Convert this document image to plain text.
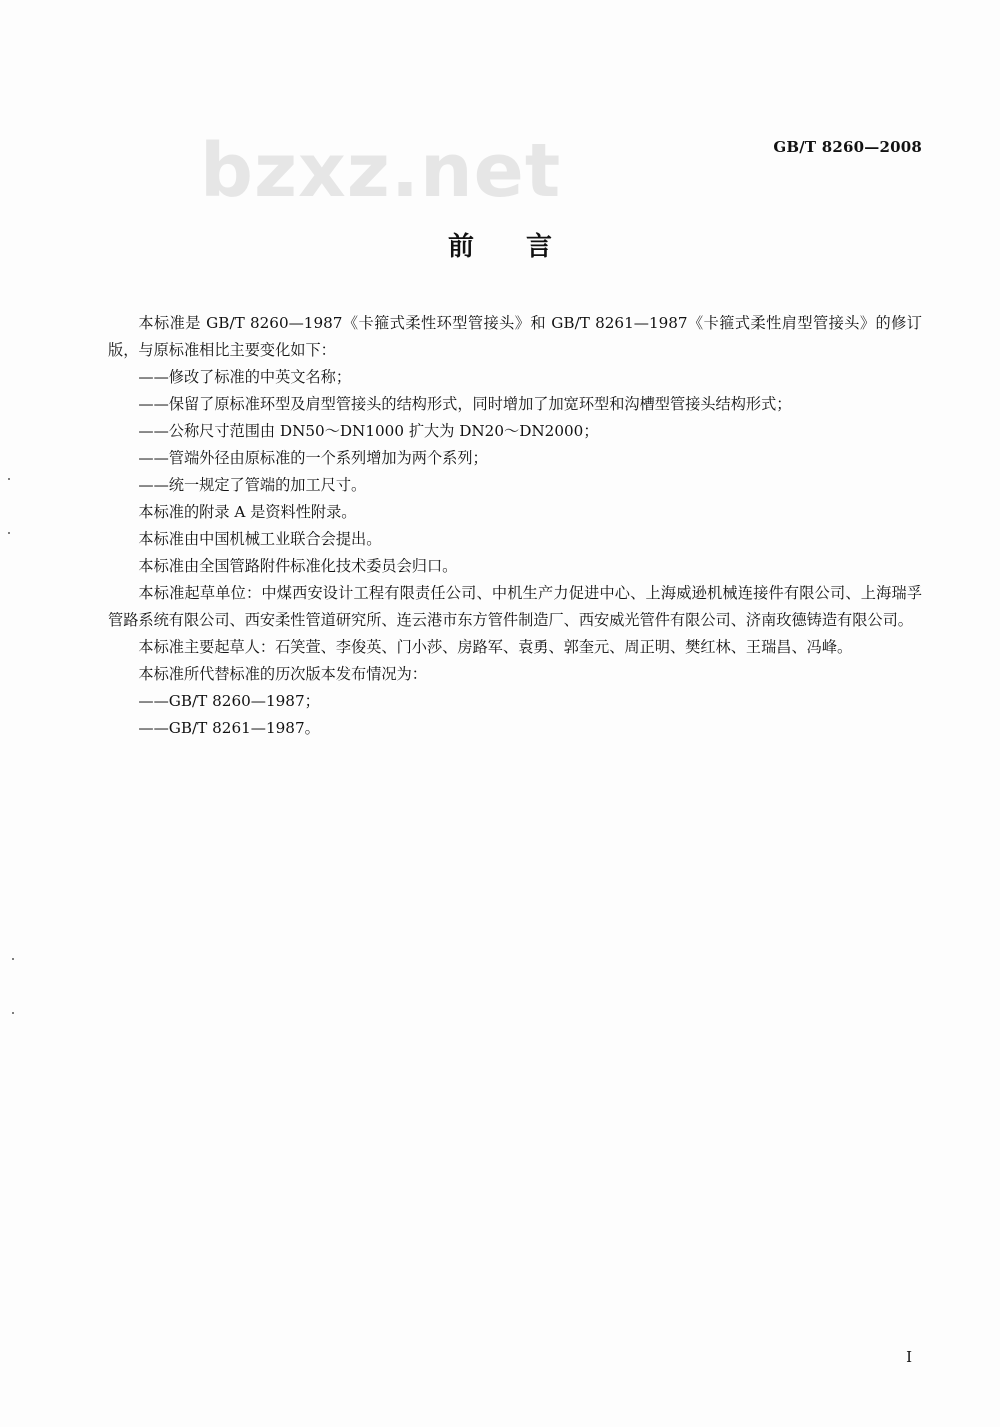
bzxz.net	GB/T 8260—2008
前言

本标准是 GB/T 8260—1987《卡箍式柔性环型管接头》和 GB/T 8261—1987《卡箍式柔性肩型管接头》的修订版，与原标准相比主要变化如下：

——修改了标准的中英文名称；

——保留了原标准环型及肩型管接头的结构形式，同时增加了加宽环型和沟槽型管接头结构形式；

——公称尺寸范围由 DN50～DN1000 扩大为 DN20～DN2000；

——管端外径由原标准的一个系列增加为两个系列；

——统一规定了管端的加工尺寸。

本标准的附录 A 是资料性附录。

本标准由中国机械工业联合会提出。

本标准由全国管路附件标准化技术委员会归口。

本标准起草单位：中煤西安设计工程有限责任公司、中机生产力促进中心、上海威逊机械连接件有限公司、上海瑞孚管路系统有限公司、西安柔性管道研究所、连云港市东方管件制造厂、西安威光管件有限公司、济南玫德铸造有限公司。

本标准主要起草人：石笑萱、李俊英、门小莎、房路军、袁勇、郭奎元、周正明、樊红林、王瑞昌、冯峰。

本标准所代替标准的历次版本发布情况为：

——GB/T 8260—1987；

——GB/T 8261—1987。

I
